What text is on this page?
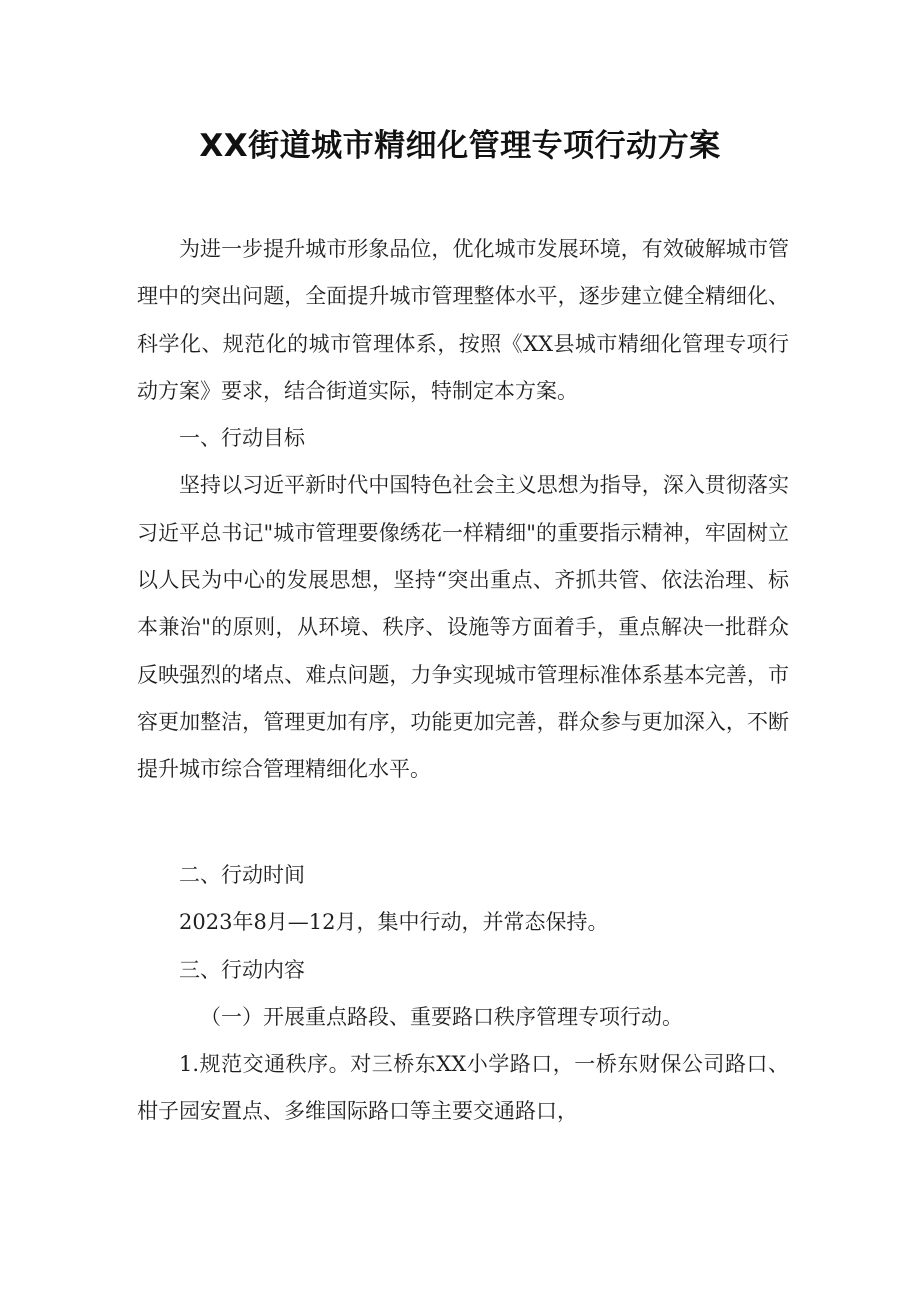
XX街道城市精细化管理专项行动方案

为进一步提升城市形象品位，优化城市发展环境，有效破解城市管理中的突出问题，全面提升城市管理整体水平，逐步建立健全精细化、科学化、规范化的城市管理体系，按照《XX县城市精细化管理专项行动方案》要求，结合街道实际，特制定本方案。

一、行动目标

坚持以习近平新时代中国特色社会主义思想为指导，深入贯彻落实习近平总书记"城市管理要像绣花一样精细"的重要指示精神，牢固树立以人民为中心的发展思想，坚持“突出重点、齐抓共管、依法治理、标本兼治"的原则，从环境、秩序、设施等方面着手，重点解决一批群众反映强烈的堵点、难点问题，力争实现城市管理标准体系基本完善，市容更加整洁，管理更加有序，功能更加完善，群众参与更加深入，不断提升城市综合管理精细化水平。

二、行动时间

2023年8月—12月，集中行动，并常态保持。

三、行动内容

（一）开展重点路段、重要路口秩序管理专项行动。

1.规范交通秩序。对三桥东XX小学路口，一桥东财保公司路口、柑子园安置点、多维国际路口等主要交通路口，
